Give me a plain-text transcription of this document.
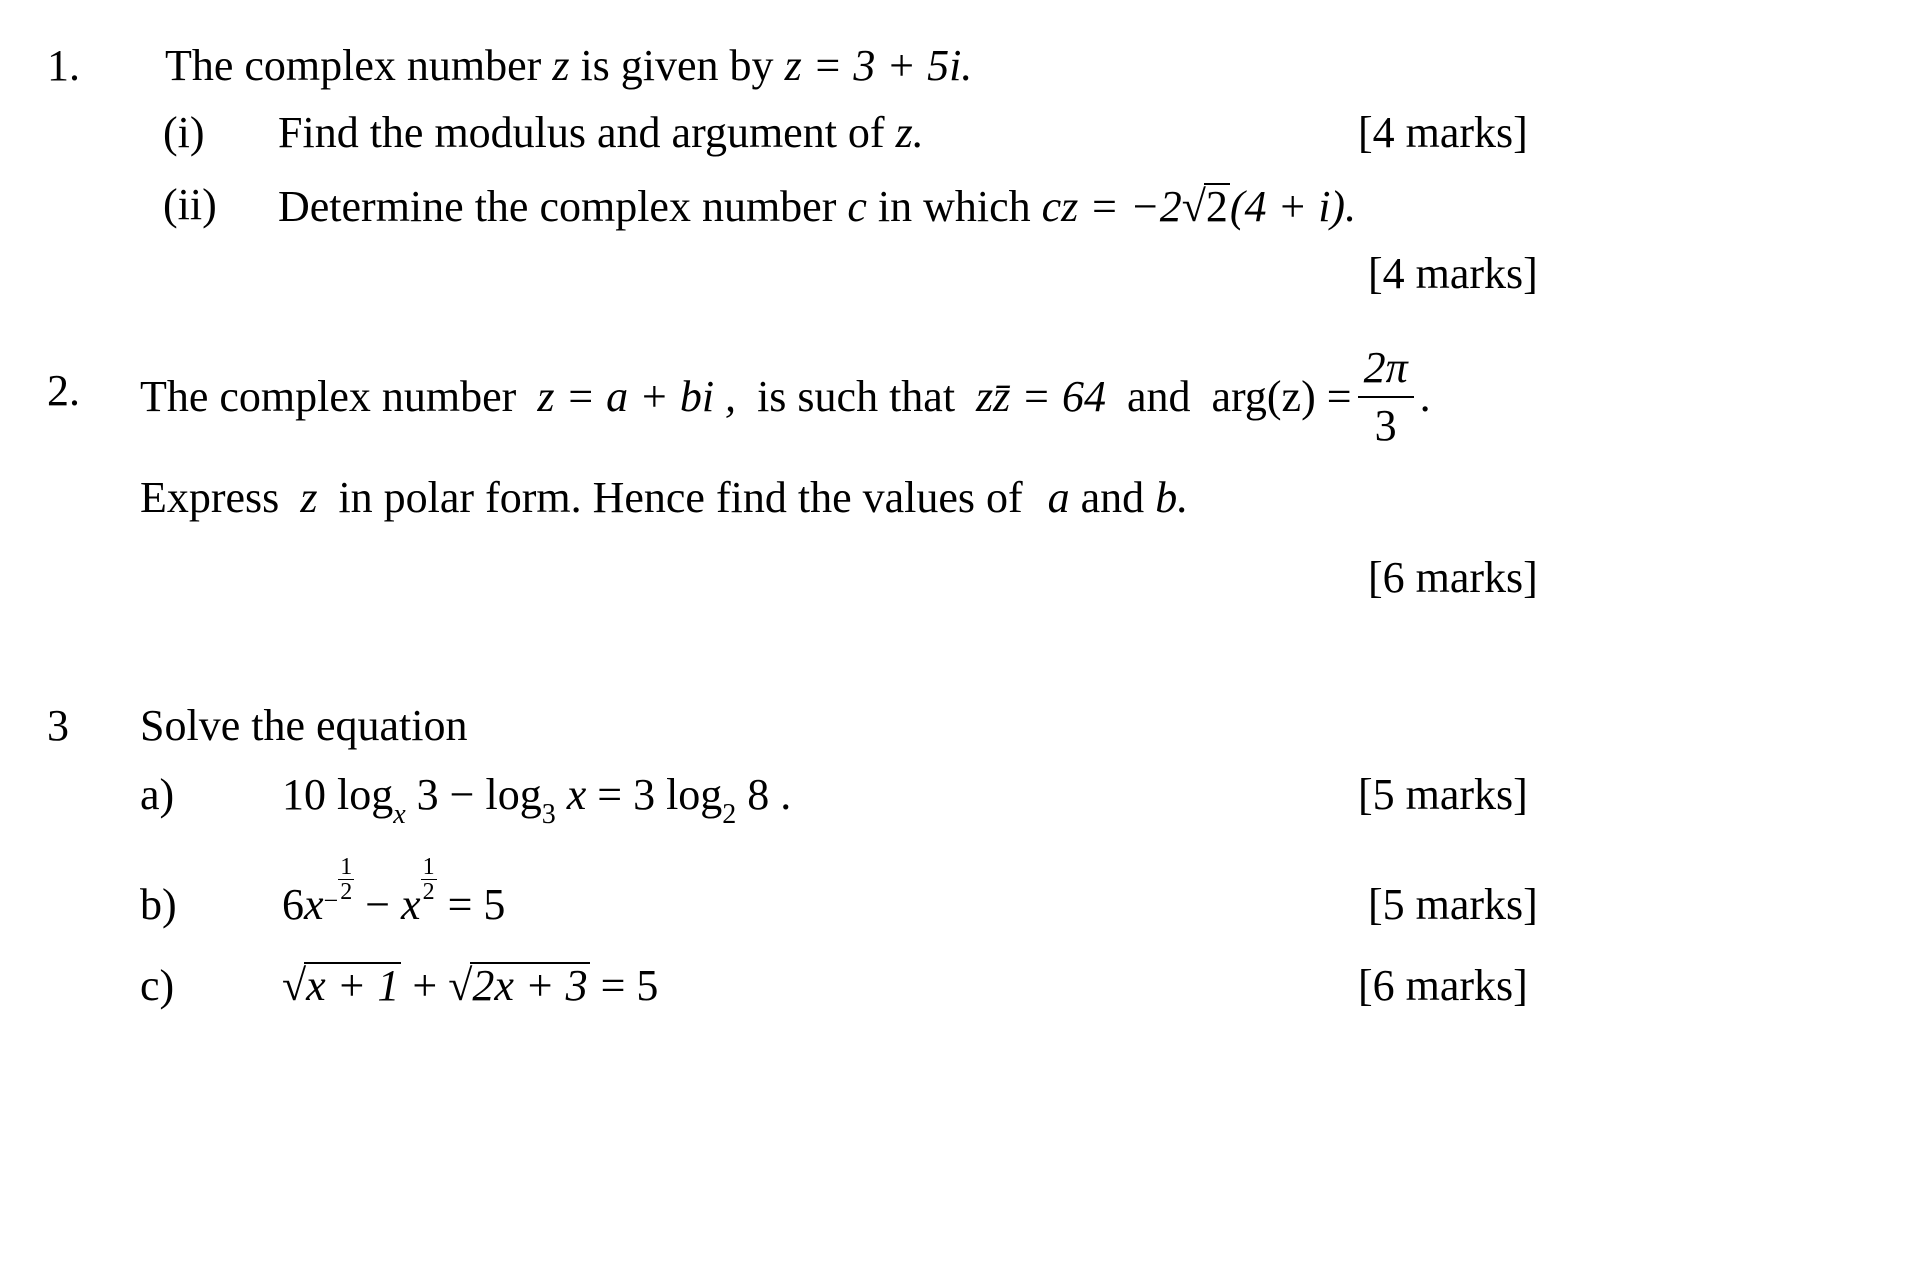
1. The complex number z is given by z = 3 + 5i.
(i) Find the modulus and argument of z.	[4 marks]
(ii) Determine the complex number c in which cz = −2√2(4 + i).
[4 marks]
2. The complex number z = a + bi , is such that zz̄ = 64 and $arg(z) = \frac{2\pi}{3}$ .
Express z in polar form. Hence find the values of a and b.
[6 marks]
3 Solve the equation
a) 10 $\log_x 3 - \log_3 x = 3$ $\log_2 8$ .	[5 marks]
b) $6x- \frac{1}{2}$
− x
$\frac{1}{2}$
= 5	[5 marks]
c) √x + 1 + √2x + 3 = 5	[6 marks]
